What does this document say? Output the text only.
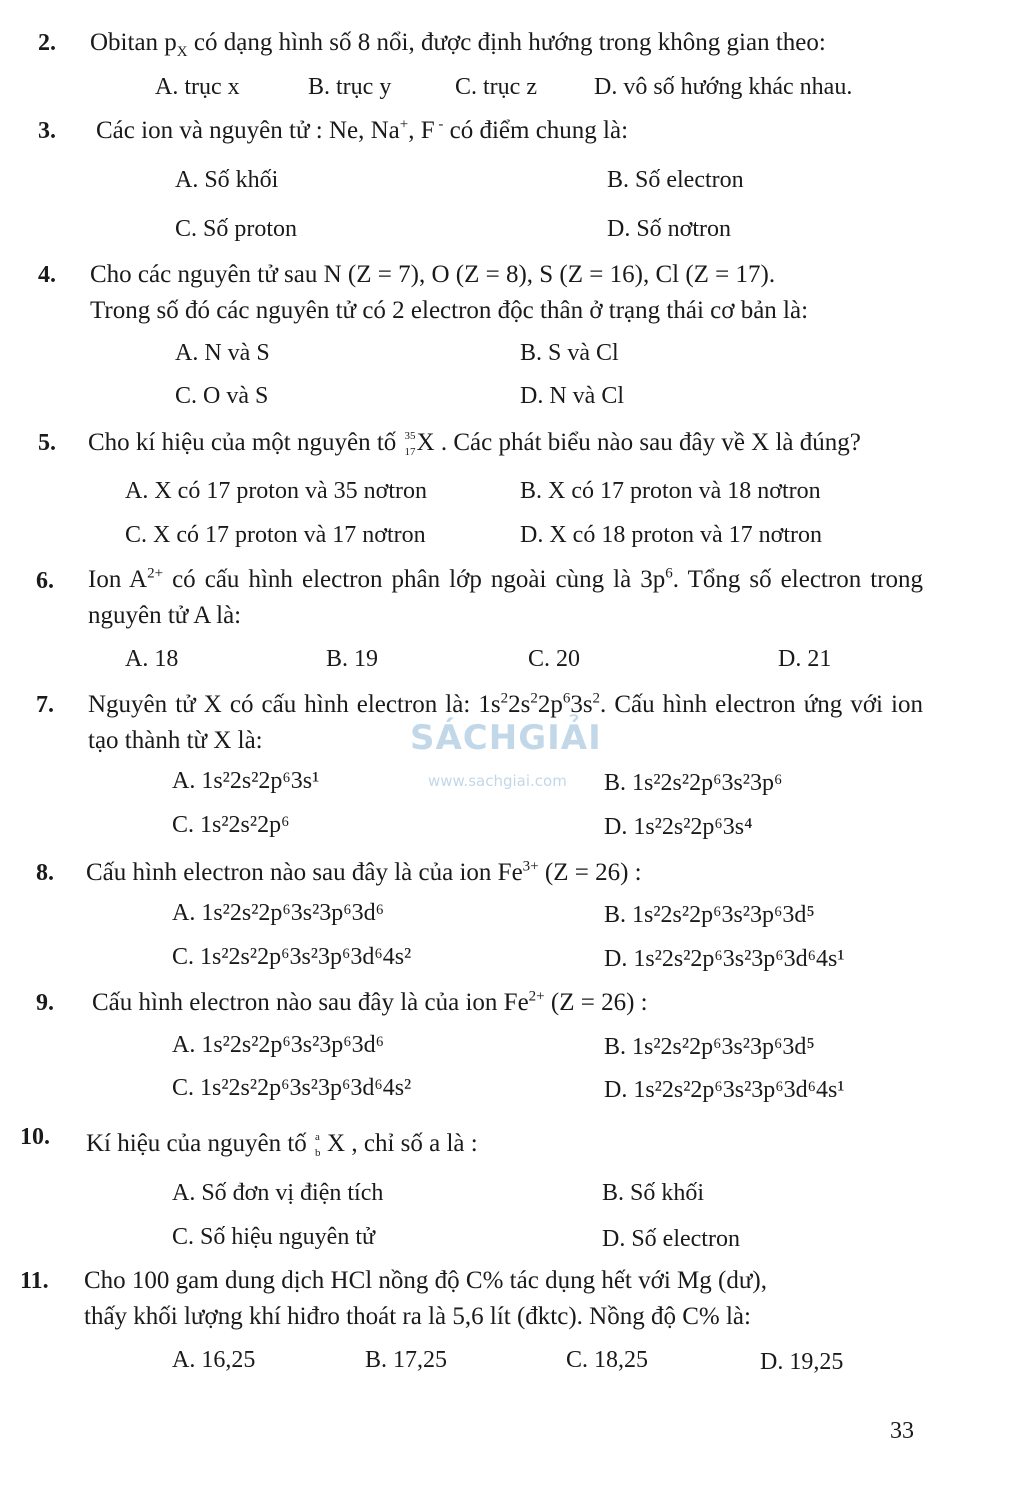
2. Obitan $p_X$ có dạng hình số 8 nổi, được định hướng trong không gian theo:
A. trục x	B. trục y	C. trục z D. vô số hướng khác nhau.
3. Các ion và nguyên tử : Ne, Na+, F - có điểm chung là:
A. Số khối	B. Số electron
C. Số proton	D. Số nơtron
4. Cho các nguyên tử sau N (Z = 7), O (Z = 8), S (Z = 16), Cl (Z = 17).
Trong số đó các nguyên tử có 2 electron độc thân ở trạng thái cơ bản là:
A. N và S	B. S và Cl
C. O và S	D. N và Cl
5. Cho kí hiệu của một nguyên tố 35
17 X . Các phát biểu nào sau đây về X là đúng?
A. X có 17 proton và 35 nơtron	B. X có 17 proton và 18 nơtron
C. X có 17 proton và 17 nơtron	D. X có 18 proton và 17 nơtron
6. Ion $A^{2+}$ có cấu hình electron phân lớp ngoài cùng là $3p^6$. Tổng số electron trong nguyên tử A là:
A. 18	B. 19	C. 20	D. 21
7. Nguyên tử X có cấu hình electron là: $1s^22s^22p^63s^2$. Cấu hình electron ứng với ion tạo thành từ X là:
A. 1s²2s²2p⁶3s¹	B. 1s²2s²2p⁶3s²3p⁶
C. 1s²2s²2p⁶	D. 1s²2s²2p⁶3s⁴
8. Cấu hình electron nào sau đây là của ion $Fe^{3+}$ (Z = 26) :
A. 1s²2s²2p⁶3s²3p⁶3d⁶	B. 1s²2s²2p⁶3s²3p⁶3d⁵
C. 1s²2s²2p⁶3s²3p⁶3d⁶4s²	D. 1s²2s²2p⁶3s²3p⁶3d⁶4s¹
9. Cấu hình electron nào sau đây là của ion $Fe^{2+}$ (Z = 26) :
A. 1s²2s²2p⁶3s²3p⁶3d⁶	B. 1s²2s²2p⁶3s²3p⁶3d⁵
C. 1s²2s²2p⁶3s²3p⁶3d⁶4s²	D. 1s²2s²2p⁶3s²3p⁶3d⁶4s¹
10. Kí hiệu của nguyên tố a
b X , chỉ số a là :
A. Số đơn vị điện tích	B. Số khối
C. Số hiệu nguyên tử	D. Số electron
11. Cho 100 gam dung dịch HCl nồng độ C% tác dụng hết với Mg (dư),
thấy khối lượng khí hiđro thoát ra là 5,6 lít (đktc). Nồng độ C% là:
A. 16,25	B. 17,25	C. 18,25	D. 19,25
SÁCHGIẢI
www.sachgiai.com
33
